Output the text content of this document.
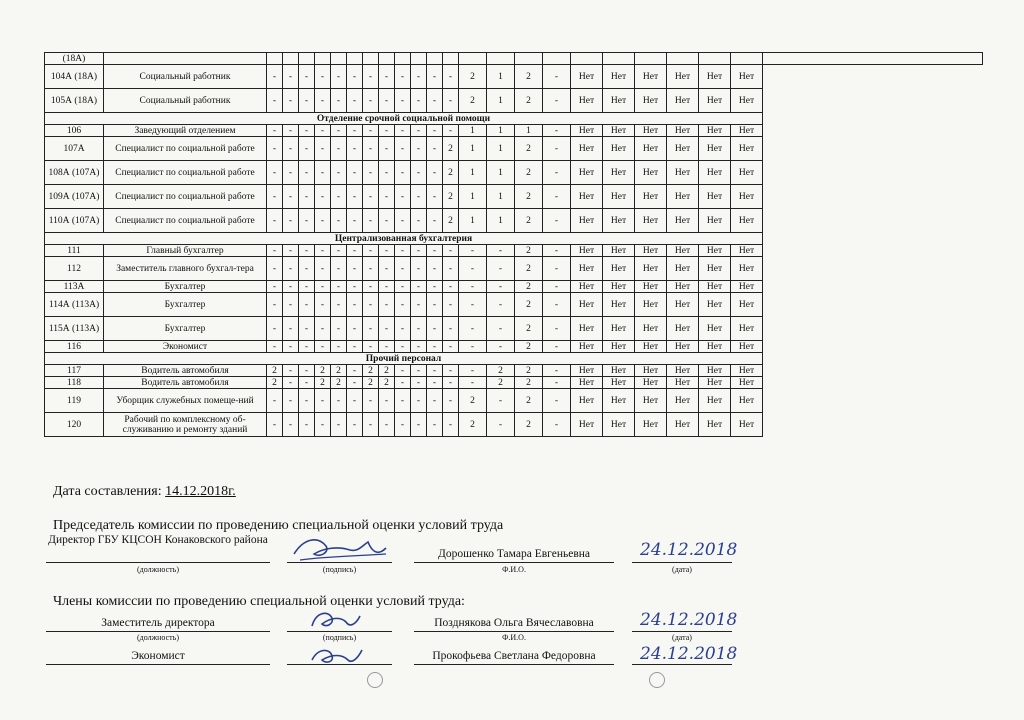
(18А)																								
104А (18А)	Социальный работник	-	-	-	-	-	-	-	-	-	-	-	-	2	1	2	-	Нет	Нет	Нет	Нет	Нет	Нет	
105А (18А)	Социальный работник	-	-	-	-	-	-	-	-	-	-	-	-	2	1	2	-	Нет	Нет	Нет	Нет	Нет	Нет	
Отделение срочной социальной помощи																								
106	Заведующий отделением	-	-	-	-	-	-	-	-	-	-	-	-	1	1	1	-	Нет	Нет	Нет	Нет	Нет	Нет	
107А	Специалист по социальной работе	-	-	-	-	-	-	-	-	-	-	-	2	1	1	2	-	Нет	Нет	Нет	Нет	Нет	Нет	
108А (107А)	Специалист по социальной работе	-	-	-	-	-	-	-	-	-	-	-	2	1	1	2	-	Нет	Нет	Нет	Нет	Нет	Нет	
109А (107А)	Специалист по социальной работе	-	-	-	-	-	-	-	-	-	-	-	2	1	1	2	-	Нет	Нет	Нет	Нет	Нет	Нет	
110А (107А)	Специалист по социальной работе	-	-	-	-	-	-	-	-	-	-	-	2	1	1	2	-	Нет	Нет	Нет	Нет	Нет	Нет	
Централизованная бухгалтерия																								
111	Главный бухгалтер	-	-	-	-	-	-	-	-	-	-	-	-	-	-	2	-	Нет	Нет	Нет	Нет	Нет	Нет	
112	Заместитель главного бухгал-тера	-	-	-	-	-	-	-	-	-	-	-	-	-	-	2	-	Нет	Нет	Нет	Нет	Нет	Нет	
113А	Бухгалтер	-	-	-	-	-	-	-	-	-	-	-	-	-	-	2	-	Нет	Нет	Нет	Нет	Нет	Нет	
114А (113А)	Бухгалтер	-	-	-	-	-	-	-	-	-	-	-	-	-	-	2	-	Нет	Нет	Нет	Нет	Нет	Нет	
115А (113А)	Бухгалтер	-	-	-	-	-	-	-	-	-	-	-	-	-	-	2	-	Нет	Нет	Нет	Нет	Нет	Нет	
116	Экономист	-	-	-	-	-	-	-	-	-	-	-	-	-	-	2	-	Нет	Нет	Нет	Нет	Нет	Нет	
Прочий персонал																								
117	Водитель автомобиля	2	-	-	2	2	-	2	2	-	-	-	-	-	2	2	-	Нет	Нет	Нет	Нет	Нет	Нет	
118	Водитель автомобиля	2	-	-	2	2	-	2	2	-	-	-	-	-	2	2	-	Нет	Нет	Нет	Нет	Нет	Нет	
119	Уборщик служебных помеще-ний	-	-	-	-	-	-	-	-	-	-	-	-	2	-	2	-	Нет	Нет	Нет	Нет	Нет	Нет	
120	Рабочий по комплексному об-служиванию и ремонту зданий	-	-	-	-	-	-	-	-	-	-	-	-	2	-	2	-	Нет	Нет	Нет	Нет	Нет	Нет	
Дата составления: 14.12.2018г.
Председатель комиссии по проведению специальной оценки условий труда
Директор ГБУ КЦСОН Конаковского района
(должность)	(подпись)
Дорошенко Тамара Евгеньевна
Ф.И.О.
24.12.2018
(дата)
Члены комиссии по проведению специальной оценки условий труда:
Заместитель директора
(должность)	(подпись)
Позднякова Ольга Вячеславовна
Ф.И.О.
24.12.2018
(дата)
Экономист	Прокофьева Светлана Федоровна	24.12.2018
